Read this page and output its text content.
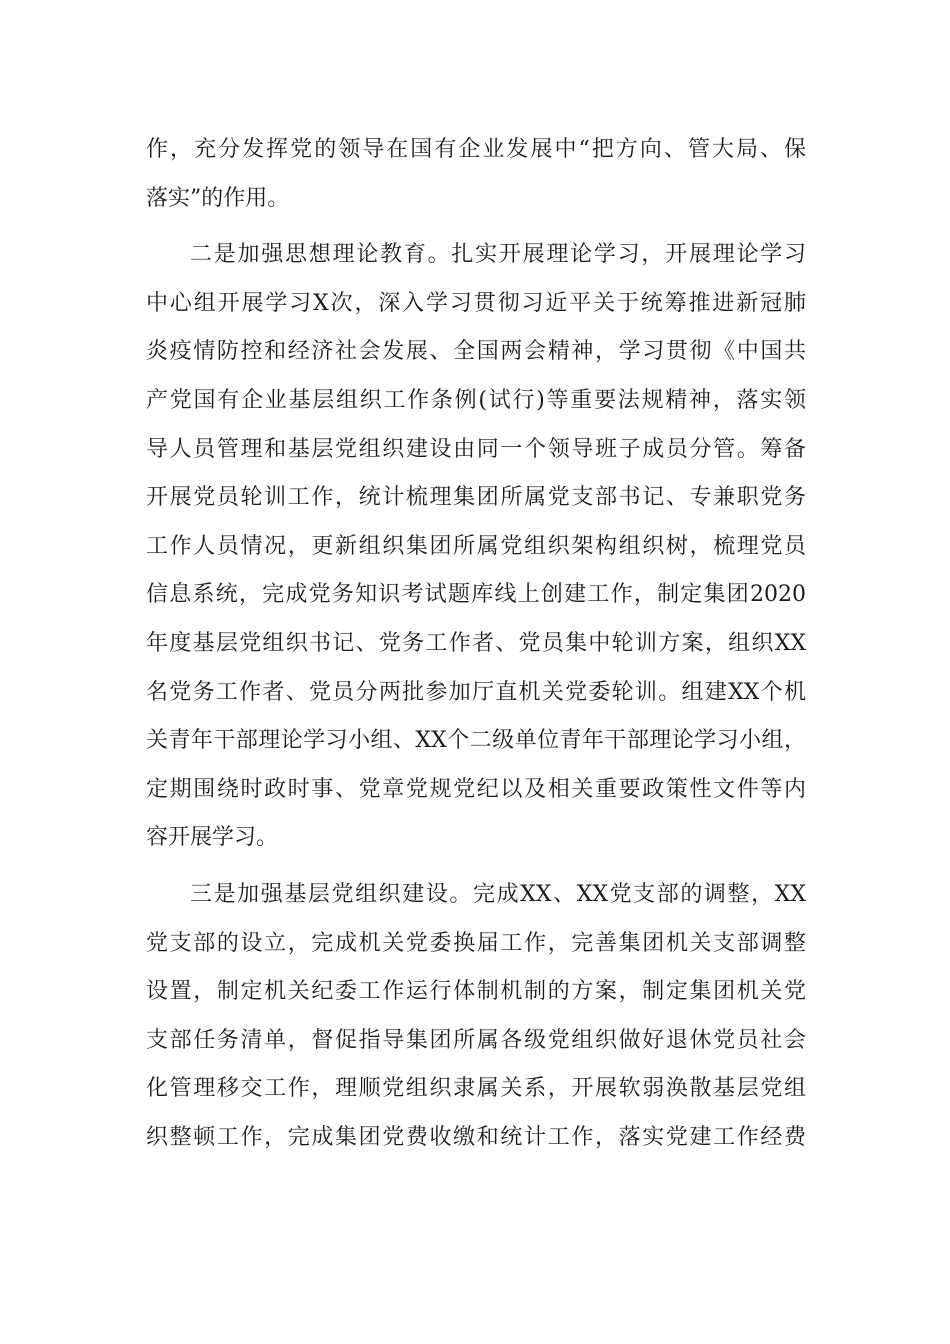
作，充分发挥党的领导在国有企业发展中“把方向、管大局、保
落实”的作用。
二是加强思想理论教育。扎实开展理论学习，开展理论学习
中心组开展学习X次，深入学习贯彻习近平关于统筹推进新冠肺
炎疫情防控和经济社会发展、全国两会精神，学习贯彻《中国共
产党国有企业基层组织工作条例(试行)等重要法规精神，落实领
导人员管理和基层党组织建设由同一个领导班子成员分管。筹备
开展党员轮训工作，统计梳理集团所属党支部书记、专兼职党务
工作人员情况，更新组织集团所属党组织架构组织树，梳理党员
信息系统，完成党务知识考试题库线上创建工作，制定集团2020
年度基层党组织书记、党务工作者、党员集中轮训方案，组织XX
名党务工作者、党员分两批参加厅直机关党委轮训。组建XX个机
关青年干部理论学习小组、XX个二级单位青年干部理论学习小组，
定期围绕时政时事、党章党规党纪以及相关重要政策性文件等内
容开展学习。
三是加强基层党组织建设。完成XX、XX党支部的调整，XX
党支部的设立，完成机关党委换届工作，完善集团机关支部调整
设置，制定机关纪委工作运行体制机制的方案，制定集团机关党
支部任务清单，督促指导集团所属各级党组织做好退休党员社会
化管理移交工作，理顺党组织隶属关系，开展软弱涣散基层党组
织整顿工作，完成集团党费收缴和统计工作，落实党建工作经费
